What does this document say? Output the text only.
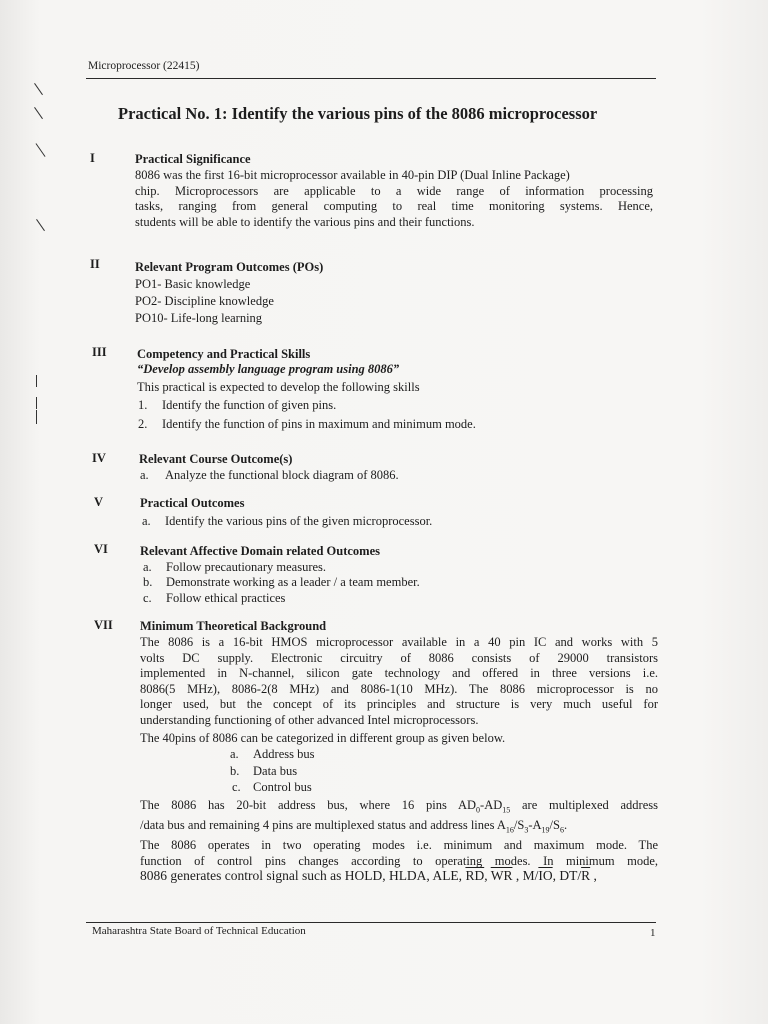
Microprocessor (22415)
Practical No. 1: Identify the various pins of the 8086 microprocessor
I	Practical Significance
8086 was the first 16-bit microprocessor available in 40-pin DIP (Dual Inline Package)
chip. Microprocessors are applicable to a wide range of information processing
tasks, ranging from general computing to real time monitoring systems. Hence,
students will be able to identify the various pins and their functions.
II	Relevant Program Outcomes (POs)
PO1- Basic knowledge
PO2- Discipline knowledge
PO10- Life-long learning
III Competency and Practical Skills
“Develop assembly language program using 8086”
This practical is expected to develop the following skills
1. Identify the function of given pins.
2. Identify the function of pins in maximum and minimum mode.
IV	Relevant Course Outcome(s)
a. Analyze the functional block diagram of 8086.
V	Practical Outcomes
a. Identify the various pins of the given microprocessor.
VI	Relevant Affective Domain related Outcomes
a. Follow precautionary measures.
b. Demonstrate working as a leader / a team member.
c. Follow ethical practices
VII Minimum Theoretical Background
The 8086 is a 16-bit HMOS microprocessor available in a 40 pin IC and works with 5
volts DC supply. Electronic circuitry of 8086 consists of 29000 transistors
implemented in N-channel, silicon gate technology and offered in three versions i.e.
8086(5 MHz), 8086-2(8 MHz) and 8086-1(10 MHz). The 8086 microprocessor is no
longer used, but the concept of its principles and structure is very much useful for
understanding functioning of other advanced Intel microprocessors.
The 40pins of 8086 can be categorized in different group as given below.
a. Address bus
b. Data bus
c. Control bus
The 8086 has 20-bit address bus, where 16 pins $AD_0-AD_{15}$ are multiplexed address
/data bus and remaining 4 pins are multiplexed status and address lines $A_{16}/S_3-A_{19}/S_6$.
The 8086 operates in two operating modes i.e. minimum and maximum mode. The
function of control pins changes according to operating modes. In minimum mode,
8086 generates control signal such as HOLD, HLDA, ALE, $\overline{RD}$, $\overline{WR}$ , $M/\overline{IO}$, $DT/\overline{R}$ ,
Maharashtra State Board of Technical Education	1
